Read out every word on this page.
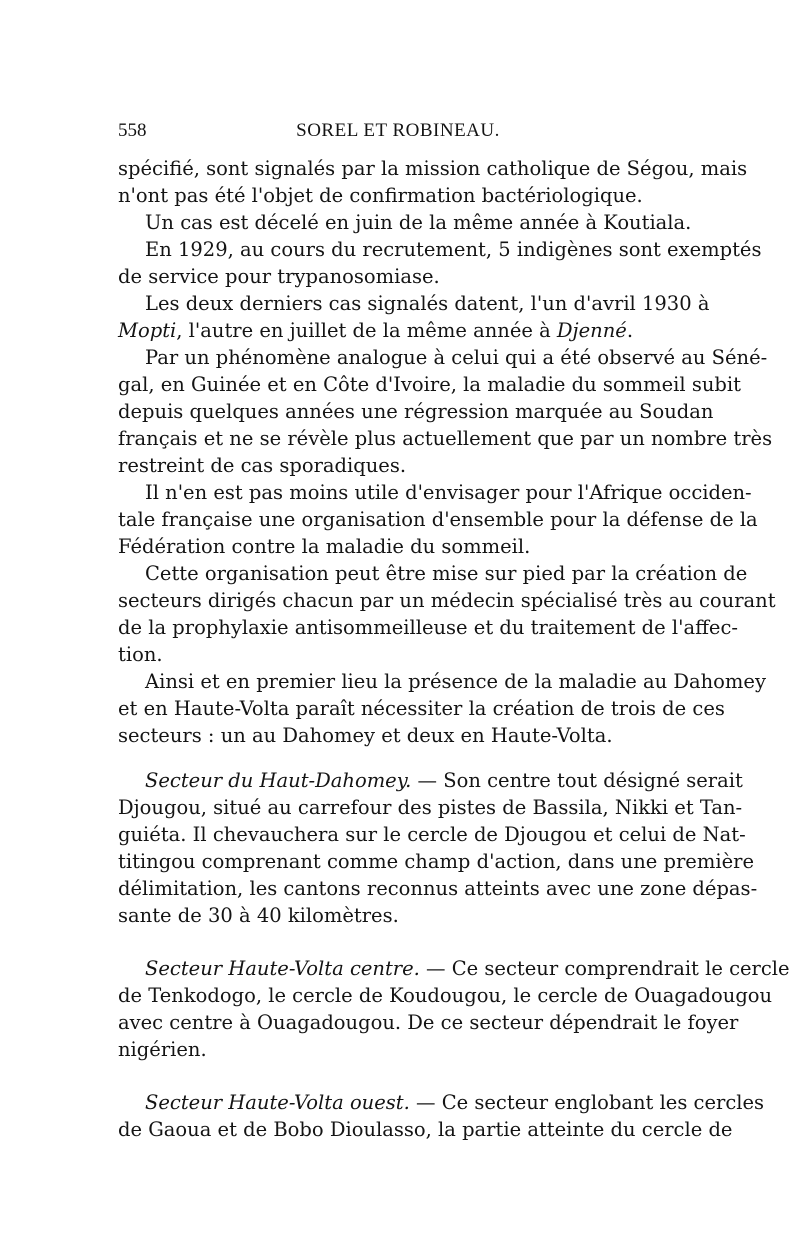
558	SOREL ET ROBINEAU.
spécifié, sont signalés par la mission catholique de Ségou, mais
n'ont pas été l'objet de confirmation bactériologique.
Un cas est décelé en juin de la même année à Koutiala.
En 1929, au cours du recrutement, 5 indigènes sont exemptés
de service pour trypanosomiase.
Les deux derniers cas signalés datent, l'un d'avril 1930 à
Mopti, l'autre en juillet de la même année à Djenné.
Par un phénomène analogue à celui qui a été observé au Séné-
gal, en Guinée et en Côte d'Ivoire, la maladie du sommeil subit
depuis quelques années une régression marquée au Soudan
français et ne se révèle plus actuellement que par un nombre très
restreint de cas sporadiques.
Il n'en est pas moins utile d'envisager pour l'Afrique occiden-
tale française une organisation d'ensemble pour la défense de la
Fédération contre la maladie du sommeil.
Cette organisation peut être mise sur pied par la création de
secteurs dirigés chacun par un médecin spécialisé très au courant
de la prophylaxie antisommeilleuse et du traitement de l'affec-
tion.
Ainsi et en premier lieu la présence de la maladie au Dahomey
et en Haute-Volta paraît nécessiter la création de trois de ces
secteurs : un au Dahomey et deux en Haute-Volta.
Secteur du Haut-Dahomey. — Son centre tout désigné serait
Djougou, situé au carrefour des pistes de Bassila, Nikki et Tan-
guiéta. Il chevauchera sur le cercle de Djougou et celui de Nat-
titingou comprenant comme champ d'action, dans une première
délimitation, les cantons reconnus atteints avec une zone dépas-
sante de 30 à 40 kilomètres.
Secteur Haute-Volta centre. — Ce secteur comprendrait le cercle
de Tenkodogo, le cercle de Koudougou, le cercle de Ouagadougou
avec centre à Ouagadougou. De ce secteur dépendrait le foyer
nigérien.
Secteur Haute-Volta ouest. — Ce secteur englobant les cercles
de Gaoua et de Bobo Dioulasso, la partie atteinte du cercle de
